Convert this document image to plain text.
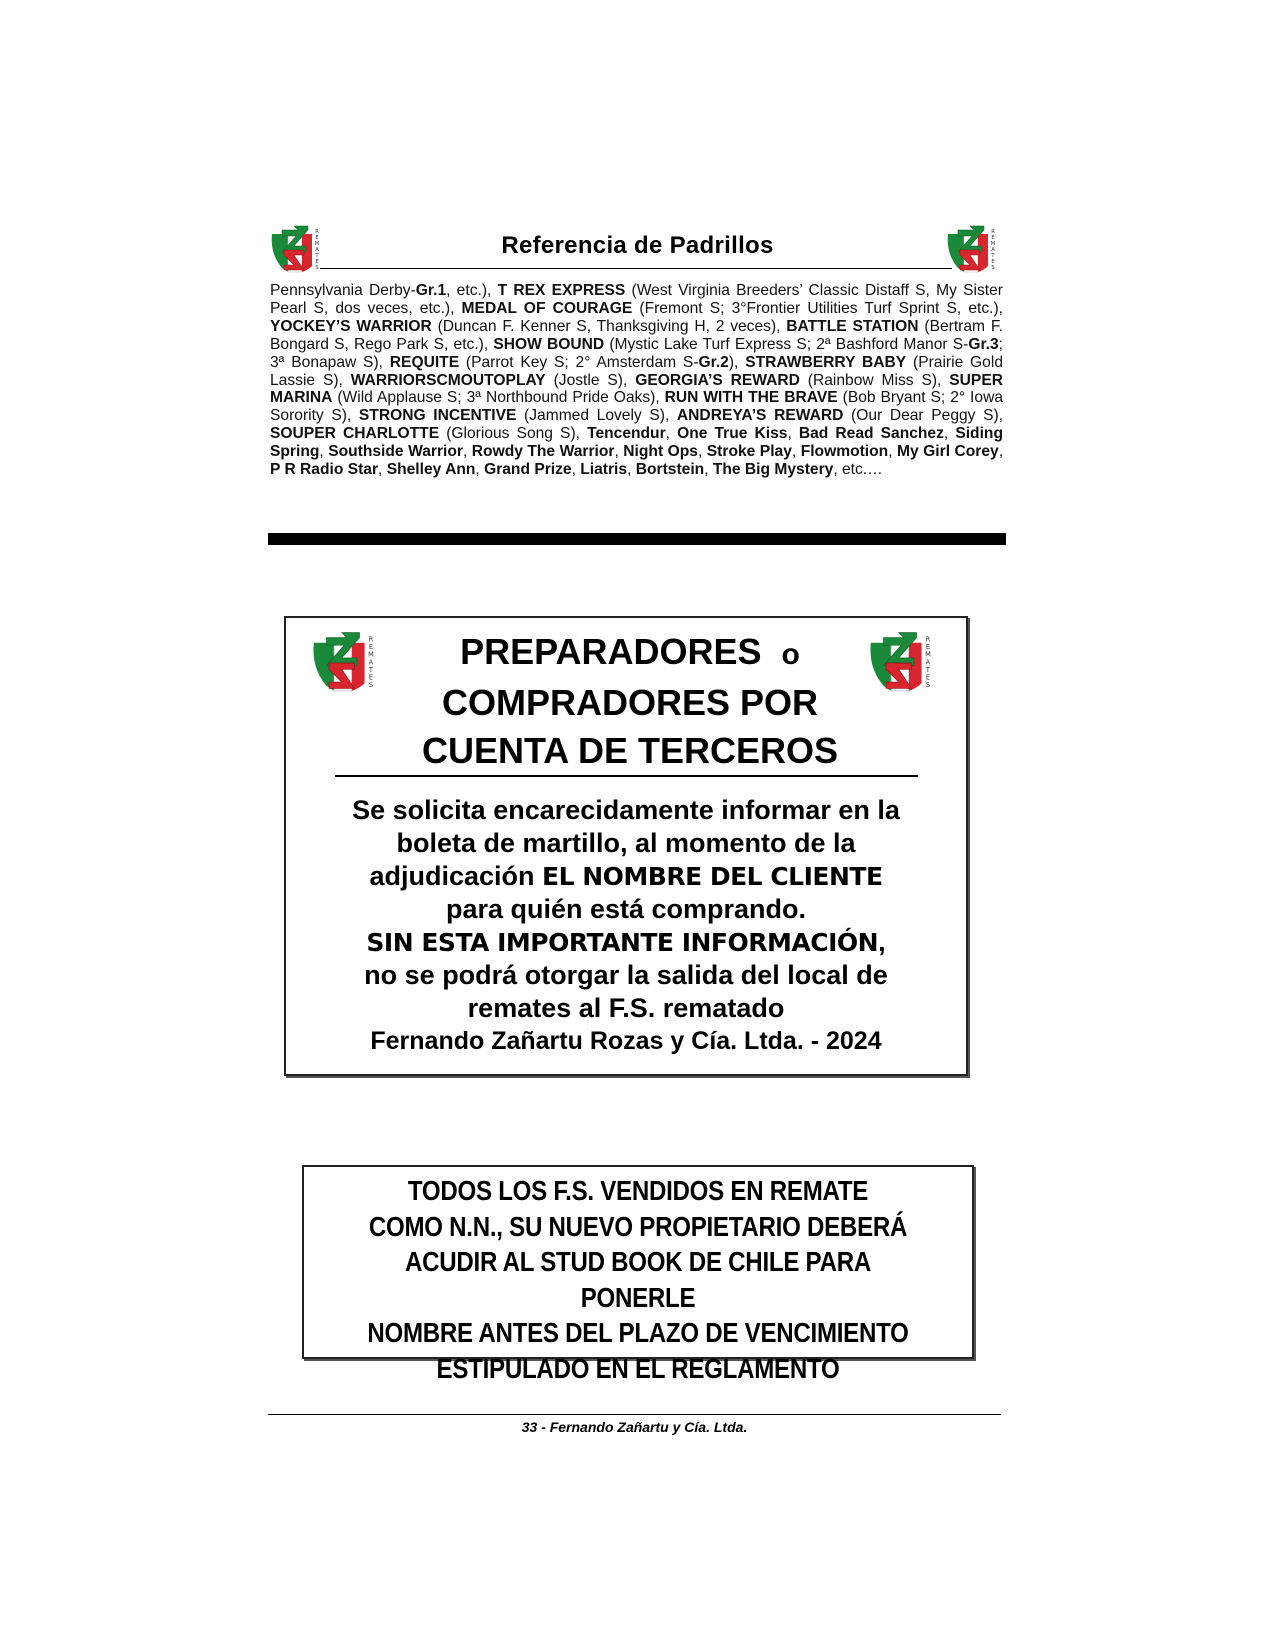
R
E
M
A
T
E
S
Referencia de Padrillos	R
E
M
A
T
E
S
Pennsylvania Derby-Gr.1, etc.), T REX EXPRESS (West Virginia Breeders’ Classic Distaff S, My Sister Pearl S, dos veces, etc.), MEDAL OF COURAGE (Fremont S; 3°Frontier Utilities Turf Sprint S, etc.), YOCKEY’S WARRIOR (Duncan F. Kenner S, Thanksgiving H, 2 veces), BATTLE STATION (Bertram F. Bongard S, Rego Park S, etc.), SHOW BOUND (Mystic Lake Turf Express S; 2ª Bashford Manor S-Gr.3; 3ª Bonapaw S), REQUITE (Parrot Key S; 2° Amsterdam S-Gr.2), STRAWBERRY BABY (Prairie Gold Lassie S), WARRIORSCMOUTOPLAY (Jostle S), GEORGIA’S REWARD (Rainbow Miss S), SUPER MARINA (Wild Applause S; 3ª Northbound Pride Oaks), RUN WITH THE BRAVE (Bob Bryant S; 2° Iowa Sorority S), STRONG INCENTIVE (Jammed Lovely S), ANDREYA’S REWARD (Our Dear Peggy S), SOUPER CHARLOTTE (Glorious Song S), Tencendur, One True Kiss, Bad Read Sanchez, Siding Spring, Southside Warrior, Rowdy The Warrior, Night Ops, Stroke Play, Flowmotion, My Girl Corey, P R Radio Star, Shelley Ann, Grand Prize, Liatris, Bortstein, The Big Mystery, etc.…
R
E
M
A
T
E
S
R
E
M
A
T
E
S
PREPARADORES o
COMPRADORES POR
CUENTA DE TERCEROS
Se solicita encarecidamente informar en la
boleta de martillo, al momento de la
adjudicación EL NOMBRE DEL CLIENTE
para quién está comprando.
SIN ESTA IMPORTANTE INFORMACIÓN,
no se podrá otorgar la salida del local de
remates al F.S. rematado
Fernando Zañartu Rozas y Cía. Ltda. - 2024
TODOS LOS F.S. VENDIDOS EN REMATE
COMO N.N., SU NUEVO PROPIETARIO DEBERÁ
ACUDIR AL STUD BOOK DE CHILE PARA PONERLE
NOMBRE ANTES DEL PLAZO DE VENCIMIENTO
ESTIPULADO EN EL REGLAMENTO
33 - Fernando Zañartu y Cía. Ltda.
